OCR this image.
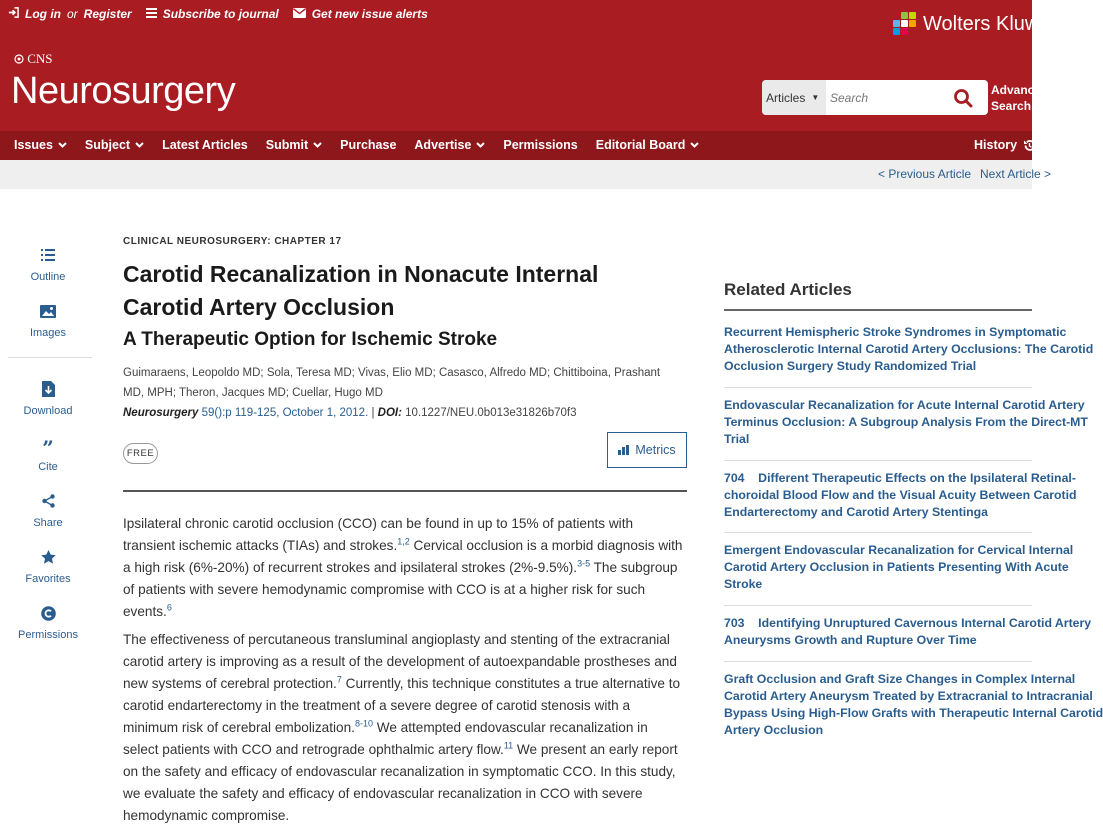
Log in or Register	Subscribe to journal	Get new issue alerts	Wolters Kluwer
CNS
Neurosurgery	Articles ▼
Search
Advanced
Search
Issues	Subject	Latest Articles Submit	Purchase Advertise	Permissions Editorial Board	History
< Previous Article Next Article >
Outline
Images
Download
”
Cite
Share
Favorites
Permissions
CLINICAL NEUROSURGERY: CHAPTER 17
Carotid Recanalization in Nonacute Internal Carotid Artery Occlusion
A Therapeutic Option for Ischemic Stroke
Guimaraens, Leopoldo MD; Sola, Teresa MD; Vivas, Elio MD; Casasco, Alfredo MD; Chittiboina, Prashant MD, MPH; Theron, Jacques MD; Cuellar, Hugo MD
Neurosurgery 59():p 119-125, October 1, 2012. | DOI: 10.1227/NEU.0b013e31826b70f3
FREE	Metrics

Ipsilateral chronic carotid occlusion (CCO) can be found in up to 15% of patients with transient ischemic attacks (TIAs) and strokes.$^{1,2}$ Cervical occlusion is a morbid diagnosis with a high risk (6%-20%) of recurrent strokes and ipsilateral strokes (2%-9.5%).$^{3-5}$ The subgroup of patients with severe hemodynamic compromise with CCO is at a higher risk for such events.$^6$

The effectiveness of percutaneous transluminal angioplasty and stenting of the extracranial carotid artery is improving as a result of the development of autoexpandable prostheses and new systems of cerebral protection.$^7$ Currently, this technique constitutes a true alternative to carotid endarterectomy in the treatment of a severe degree of carotid stenosis with a minimum risk of cerebral embolization.$^{8-10}$ We attempted endovascular recanalization in select patients with CCO and retrograde ophthalmic artery flow.$^{11}$ We present an early report on the safety and efficacy of endovascular recanalization in symptomatic CCO. In this study, we evaluate the safety and efficacy of endovascular recanalization in CCO with severe hemodynamic compromise.

Related Articles
Recurrent Hemispheric Stroke Syndromes in Symptomatic
Atherosclerotic Internal Carotid Artery Occlusions: The Carotid
Occlusion Surgery Study Randomized Trial
Endovascular Recanalization for Acute Internal Carotid Artery
Terminus Occlusion: A Subgroup Analysis From the Direct-MT
Trial
704    Different Therapeutic Effects on the Ipsilateral Retinal-
choroidal Blood Flow and the Visual Acuity Between Carotid
Endarterectomy and Carotid Artery Stentinga
Emergent Endovascular Recanalization for Cervical Internal
Carotid Artery Occlusion in Patients Presenting With Acute
Stroke
703    Identifying Unruptured Cavernous Internal Carotid Artery
Aneurysms Growth and Rupture Over Time
Graft Occlusion and Graft Size Changes in Complex Internal
Carotid Artery Aneurysm Treated by Extracranial to Intracranial
Bypass Using High-Flow Grafts with Therapeutic Internal Carotid
Artery Occlusion
